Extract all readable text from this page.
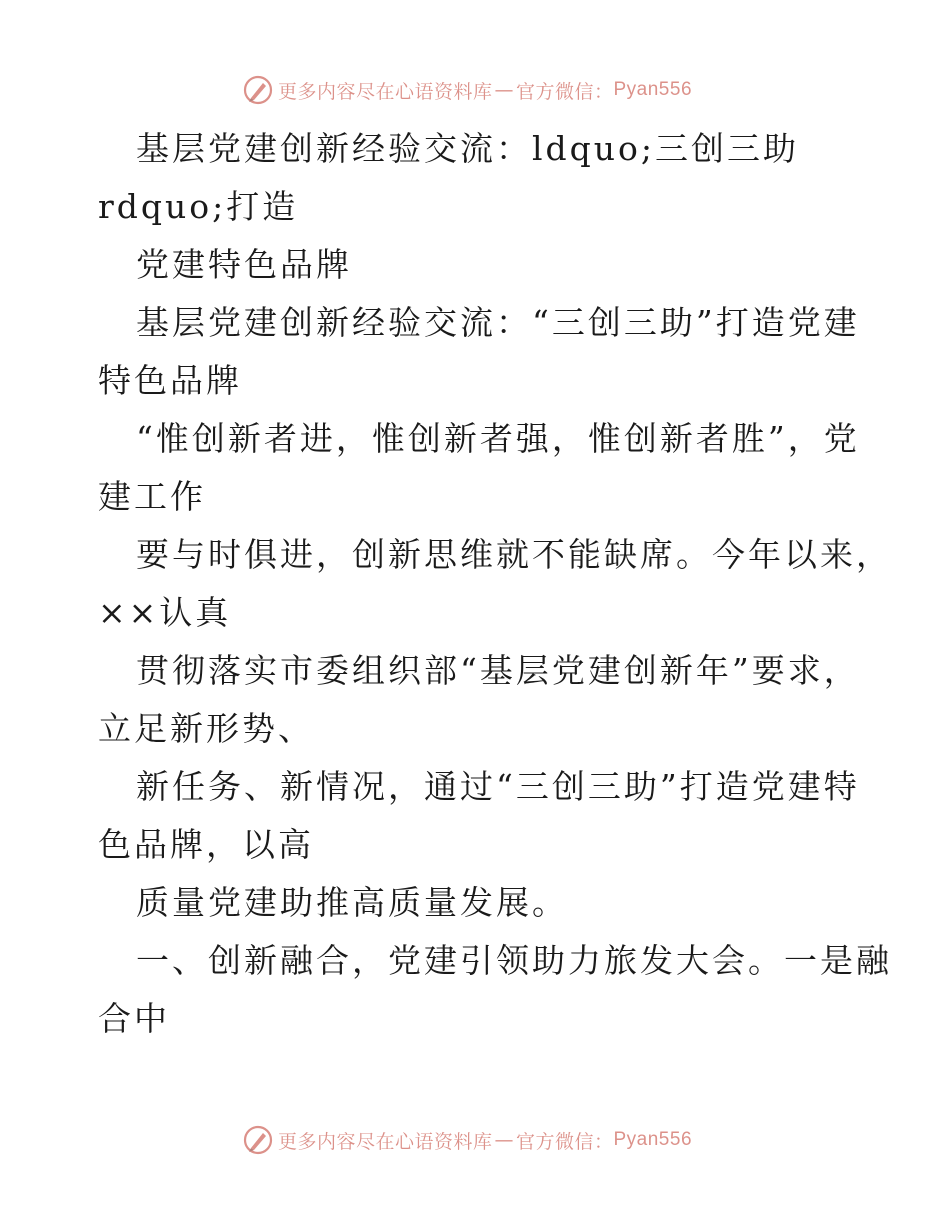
更多内容尽在心语资料库 — 官方微信： Pyan556
基层党建创新经验交流：ldquo;三创三助
rdquo;打造
党建特色品牌
基层党建创新经验交流：“三创三助”打造党建
特色品牌
“惟创新者进，惟创新者强，惟创新者胜”，党
建工作
要与时俱进，创新思维就不能缺席。今年以来，
××认真
贯彻落实市委组织部“基层党建创新年”要求，
立足新形势、
新任务、新情况，通过“三创三助”打造党建特
色品牌，以高
质量党建助推高质量发展。
一、创新融合，党建引领助力旅发大会。一是融
合中
更多内容尽在心语资料库 — 官方微信： Pyan556
